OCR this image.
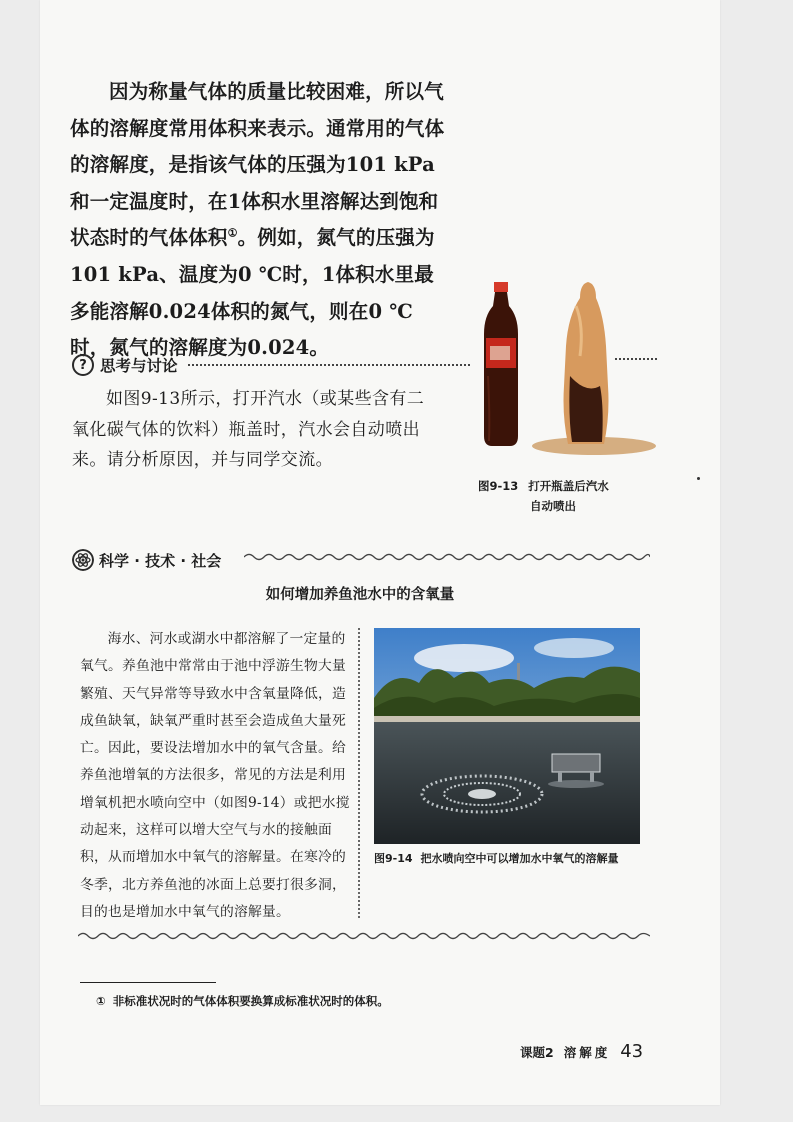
因为称量气体的质量比较困难，所以气体的溶解度常用体积来表示。通常用的气体的溶解度，是指该气体的压强为101 kPa和一定温度时，在1体积水里溶解达到饱和状态时的气体体积①。例如，氮气的压强为101 kPa、温度为0 ℃时，1体积水里最多能溶解0.024体积的氮气，则在0 ℃时，氮气的溶解度为0.024。

? 思考与讨论

如图9-13所示，打开汽水（或某些含有二氧化碳气体的饮料）瓶盖时，汽水会自动喷出来。请分析原因，并与同学交流。

图9-13 打开瓶盖后汽水
自动喷出
科学 · 技术 · 社会
如何增加养鱼池水中的含氧量

海水、河水或湖水中都溶解了一定量的氧气。养鱼池中常常由于池中浮游生物大量繁殖、天气异常等导致水中含氧量降低，造成鱼缺氧，缺氧严重时甚至会造成鱼大量死亡。因此，要设法增加水中的氧气含量。给养鱼池增氧的方法很多，常见的方法是利用增氧机把水喷向空中（如图9-14）或把水搅动起来，这样可以增大空气与水的接触面积，从而增加水中氧气的溶解量。在寒冷的冬季，北方养鱼池的冰面上总要打很多洞，目的也是增加水中氧气的溶解量。

图9-14 把水喷向空中可以增加水中氧气的溶解量
① 非标准状况时的气体体积要换算成标准状况时的体积。
课题2 溶解度 43
